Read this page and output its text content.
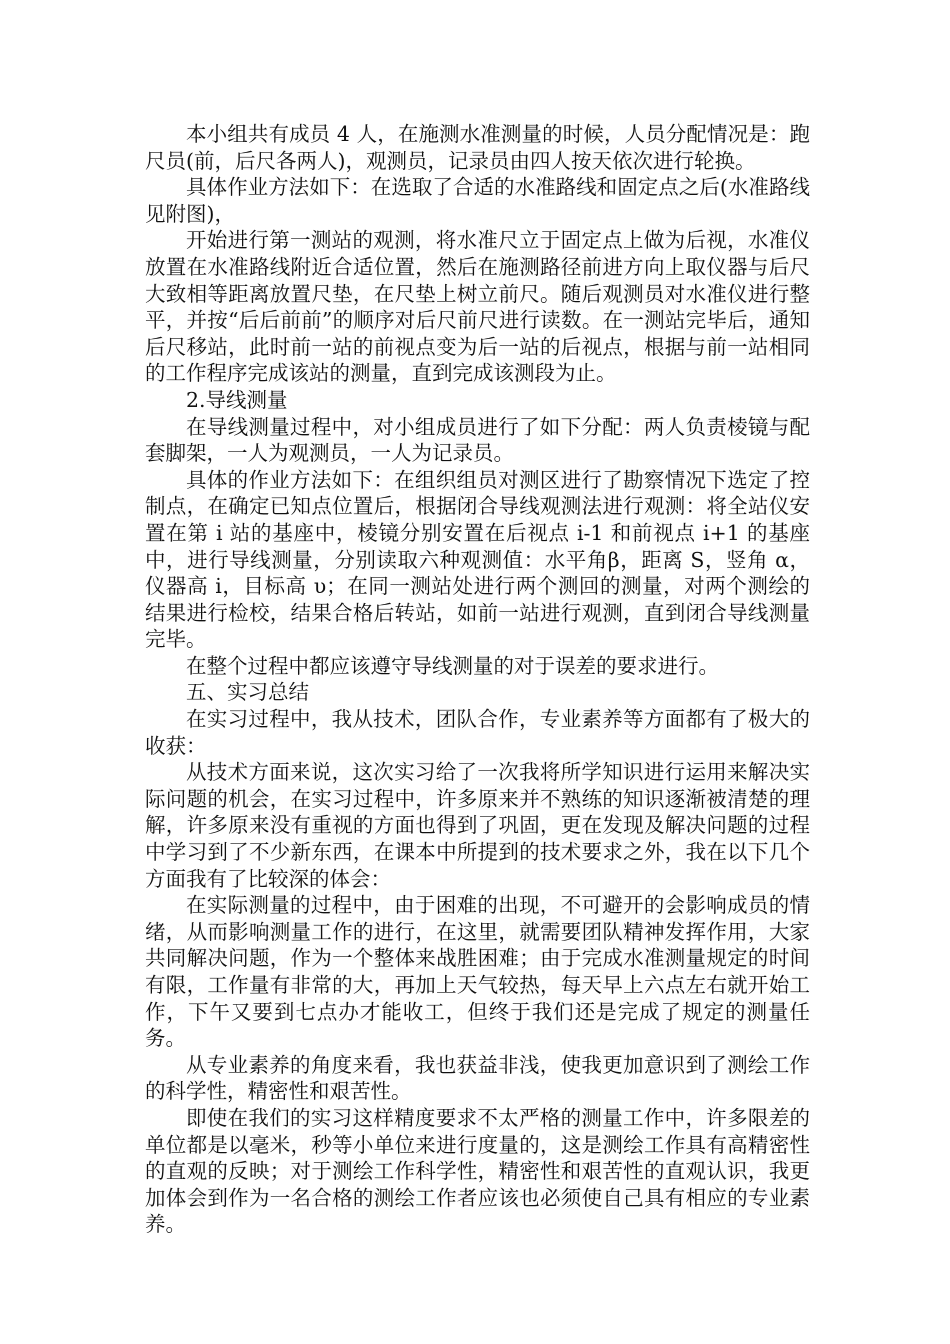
本小组共有成员 4 人，在施测水准测量的时候，人员分配情况是：跑尺员(前，后尺各两人)，观测员，记录员由四人按天依次进行轮换。

具体作业方法如下：在选取了合适的水准路线和固定点之后(水准路线见附图)，

开始进行第一测站的观测，将水准尺立于固定点上做为后视，水准仪放置在水准路线附近合适位置，然后在施测路径前进方向上取仪器与后尺大致相等距离放置尺垫，在尺垫上树立前尺。随后观测员对水准仪进行整平，并按“后后前前”的顺序对后尺前尺进行读数。在一测站完毕后，通知后尺移站，此时前一站的前视点变为后一站的后视点，根据与前一站相同的工作程序完成该站的测量，直到完成该测段为止。

2.导线测量

在导线测量过程中，对小组成员进行了如下分配：两人负责棱镜与配套脚架，一人为观测员，一人为记录员。

具体的作业方法如下：在组织组员对测区进行了勘察情况下选定了控制点，在确定已知点位置后，根据闭合导线观测法进行观测：将全站仪安置在第 i 站的基座中，棱镜分别安置在后视点 i-1 和前视点 i+1 的基座中，进行导线测量，分别读取六种观测值：水平角β，距离 S，竖角 α，仪器高 i，目标高 υ；在同一测站处进行两个测回的测量，对两个测绘的结果进行检校，结果合格后转站，如前一站进行观测，直到闭合导线测量完毕。

在整个过程中都应该遵守导线测量的对于误差的要求进行。

五、实习总结

在实习过程中，我从技术，团队合作，专业素养等方面都有了极大的收获：

从技术方面来说，这次实习给了一次我将所学知识进行运用来解决实际问题的机会，在实习过程中，许多原来并不熟练的知识逐渐被清楚的理解，许多原来没有重视的方面也得到了巩固，更在发现及解决问题的过程中学习到了不少新东西，在课本中所提到的技术要求之外，我在以下几个方面我有了比较深的体会：

在实际测量的过程中，由于困难的出现，不可避开的会影响成员的情绪，从而影响测量工作的进行，在这里，就需要团队精神发挥作用，大家共同解决问题，作为一个整体来战胜困难；由于完成水准测量规定的时间有限，工作量有非常的大，再加上天气较热，每天早上六点左右就开始工作，下午又要到七点办才能收工，但终于我们还是完成了规定的测量任务。

从专业素养的角度来看，我也获益非浅，使我更加意识到了测绘工作的科学性，精密性和艰苦性。

即使在我们的实习这样精度要求不太严格的测量工作中，许多限差的单位都是以毫米，秒等小单位来进行度量的，这是测绘工作具有高精密性的直观的反映；对于测绘工作科学性，精密性和艰苦性的直观认识，我更加体会到作为一名合格的测绘工作者应该也必须使自己具有相应的专业素养。
